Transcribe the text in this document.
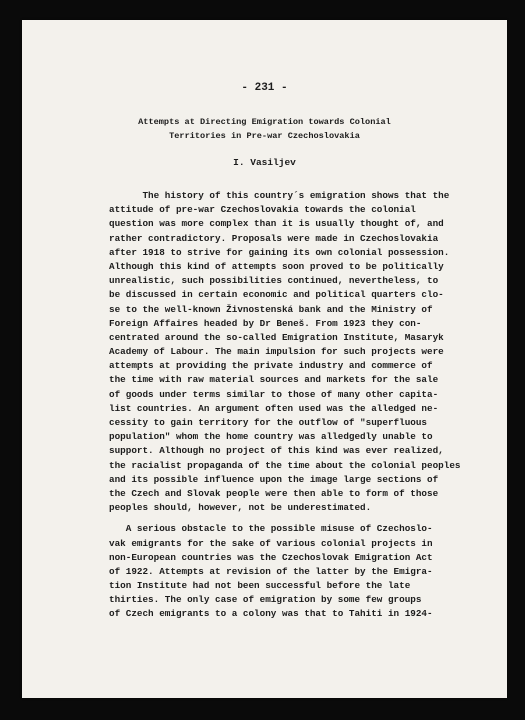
- 231 -
Attempts at Directing Emigration towards Colonial
Territories in Pre-war Czechoslovakia
I. Vasiljev
The history of this country´s emigration shows that the
attitude of pre-war Czechoslovakia towards the colonial
question was more complex than it is usually thought of, and
rather contradictory. Proposals were made in Czechoslovakia
after 1918 to strive for gaining its own colonial possession.
Although this kind of attempts soon proved to be politically
unrealistic, such possibilities continued, nevertheless, to
be discussed in certain economic and political quarters clo-
se to the well-known Živnostenská bank and the Ministry of
Foreign Affaires headed by Dr Beneš. From 1923 they con-
centrated around the so-called Emigration Institute, Masaryk
Academy of Labour. The main impulsion for such projects were
attempts at providing the private industry and commerce of
the time with raw material sources and markets for the sale
of goods under terms similar to those of many other capita-
list countries. An argument often used was the alledged ne-
cessity to gain territory for the outflow of "superfluous
population" whom the home country was alledgedly unable to
support. Although no project of this kind was ever realized,
the racialist propaganda of the time about the colonial peoples
and its possible influence upon the image large sections of
the Czech and Slovak people were then able to form of those
peoples should, however, not be underestimated.
A serious obstacle to the possible misuse of Czechoslo-
vak emigrants for the sake of various colonial projects in
non-European countries was the Czechoslovak Emigration Act
of 1922. Attempts at revision of the latter by the Emigra-
tion Institute had not been successful before the late
thirties. The only case of emigration by some few groups
of Czech emigrants to a colony was that to Tahiti in 1924-
